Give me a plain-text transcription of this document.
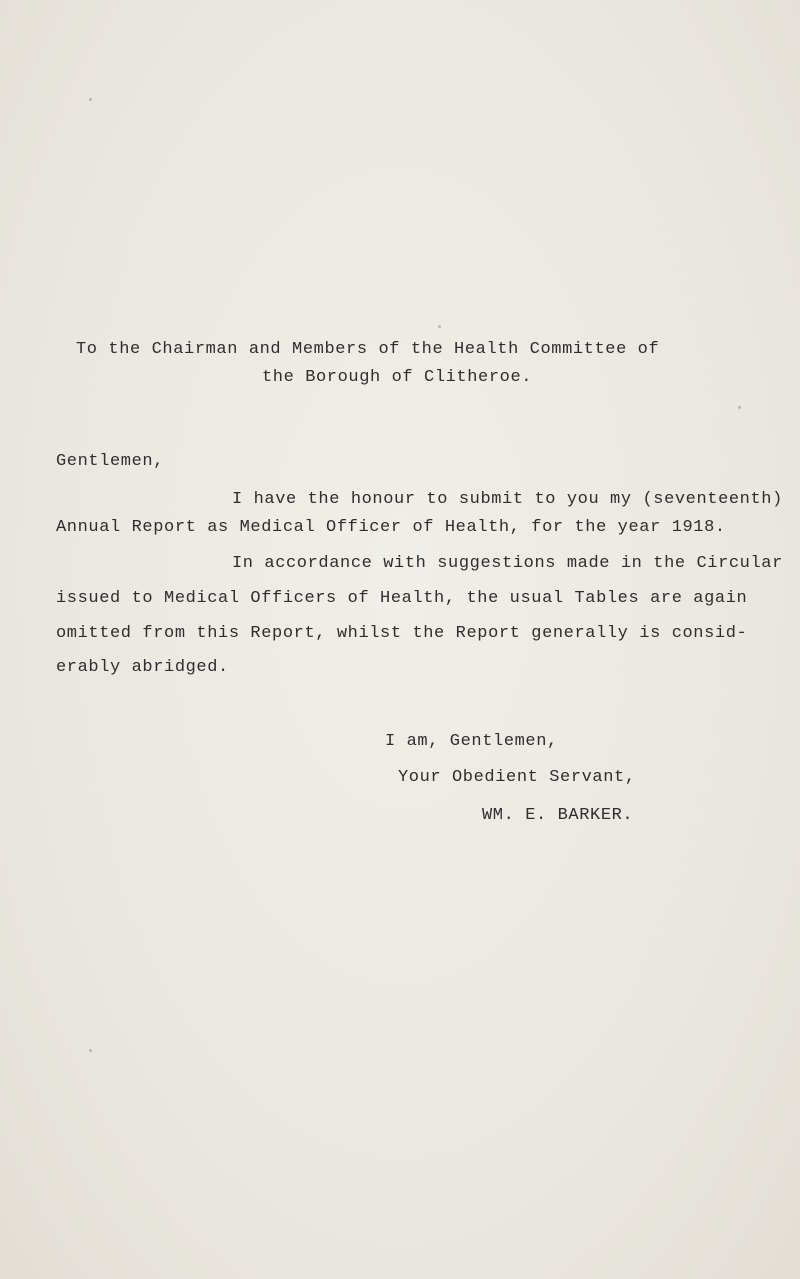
To the Chairman and Members of the Health Committee of
the Borough of Clitheroe.
Gentlemen,
I have the honour to submit to you my (seventeenth)
Annual Report as Medical Officer of Health, for the year 1918.
In accordance with suggestions made in the Circular
issued to Medical Officers of Health, the usual Tables are again
omitted from this Report, whilst the Report generally is consid-
erably abridged.
I am, Gentlemen,
Your Obedient Servant,
WM. E. BARKER.
